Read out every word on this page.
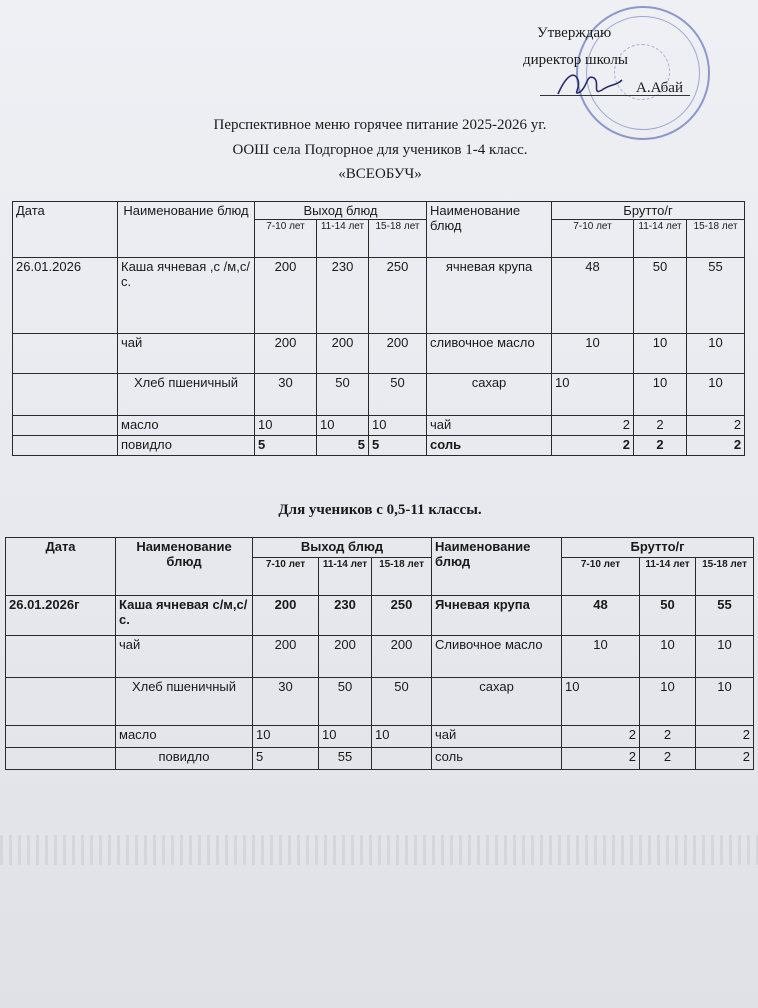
Утверждаю
директор школы
А.Абай
Перспективное меню горячее питание 2025-2026 уг.
ООШ села Подгорное для учеников 1-4 класс.
«ВСЕОБУЧ»
Дата	Наименование блюд	Выход блюд			Наименование блюд	Брутто/г		
		7-10 лет	11-14 лет	15-18 лет		7-10 лет	11-14 лет	15-18 лет
26.01.2026	Каша ячневая ,с /м,с/с.	200	230	250	ячневая крупа	48	50	55
	чай	200	200	200	сливочное масло	10	10	10
	Хлеб пшеничный	30	50	50	сахар	10	10	10
	масло	10	10	10	чай	2	2	2
	повидло	5	5	5	соль	2	2	2
Для учеников с 0,5-11 классы.
Дата	Наименование блюд	Выход блюд			Наименование блюд	Брутто/г		
		7-10 лет	11-14 лет	15-18 лет		7-10 лет	11-14 лет	15-18 лет
26.01.2026г	Каша ячневая с/м,с/с.	200	230	250	Ячневая крупа	48	50	55
	чай	200	200	200	Сливочное масло	10	10	10
	Хлеб пшеничный	30	50	50	сахар	10	10	10
	масло	10	10	10	чай	2	2	2
	повидло	5	55		соль	2	2	2
